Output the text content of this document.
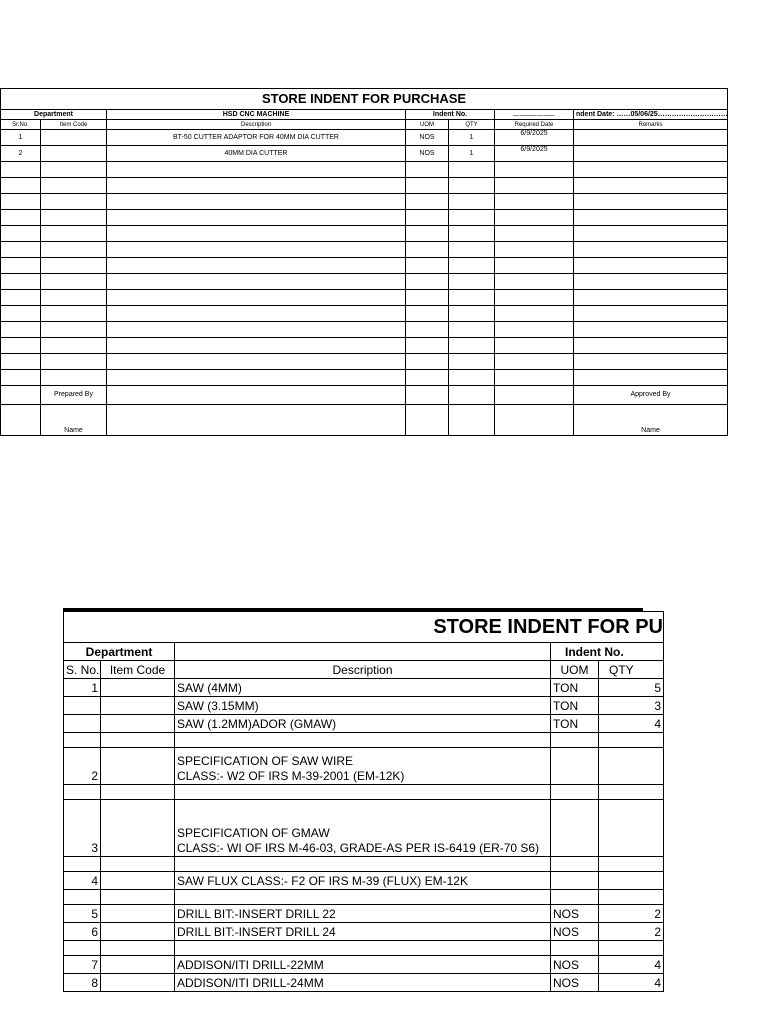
STORE INDENT FOR PURCHASE						
Department		HSD CNC MACHINE	Indent No.		…………………	ndent Date: ……05/06/25…………………………
Sr.No.	Item Code	Description	UOM	QTY	Required Date	Remarks
1		BT-50 CUTTER ADAPTOR FOR 40MM DIA CUTTER	NOS	1	6/9/2025	
2		40MM DIA CUTTER	NOS	1	6/9/2025	

	Prepared By					Approved By
	Name					Name
STORE INDENT FOR PU				
Department			Indent No.	
S. No.	Item Code	Description	UOM	QTY
1		SAW (4MM)	TON	5
		SAW (3.15MM)	TON	3
		SAW (1.2MM)ADOR (GMAW)	TON	4

2		SPECIFICATION OF SAW WIRE
CLASS:- W2 OF IRS M-39-2001 (EM-12K)		

3		SPECIFICATION OF GMAW
CLASS:- WI OF IRS M-46-03, GRADE-AS PER IS-6419 (ER-70 S6)		

4		SAW FLUX CLASS:- F2 OF IRS M-39 (FLUX) EM-12K		

5		DRILL BIT:-INSERT DRILL 22	NOS	2
6		DRILL BIT:-INSERT DRILL 24	NOS	2

7		ADDISON/ITI DRILL-22MM	NOS	4
8		ADDISON/ITI DRILL-24MM	NOS	4
